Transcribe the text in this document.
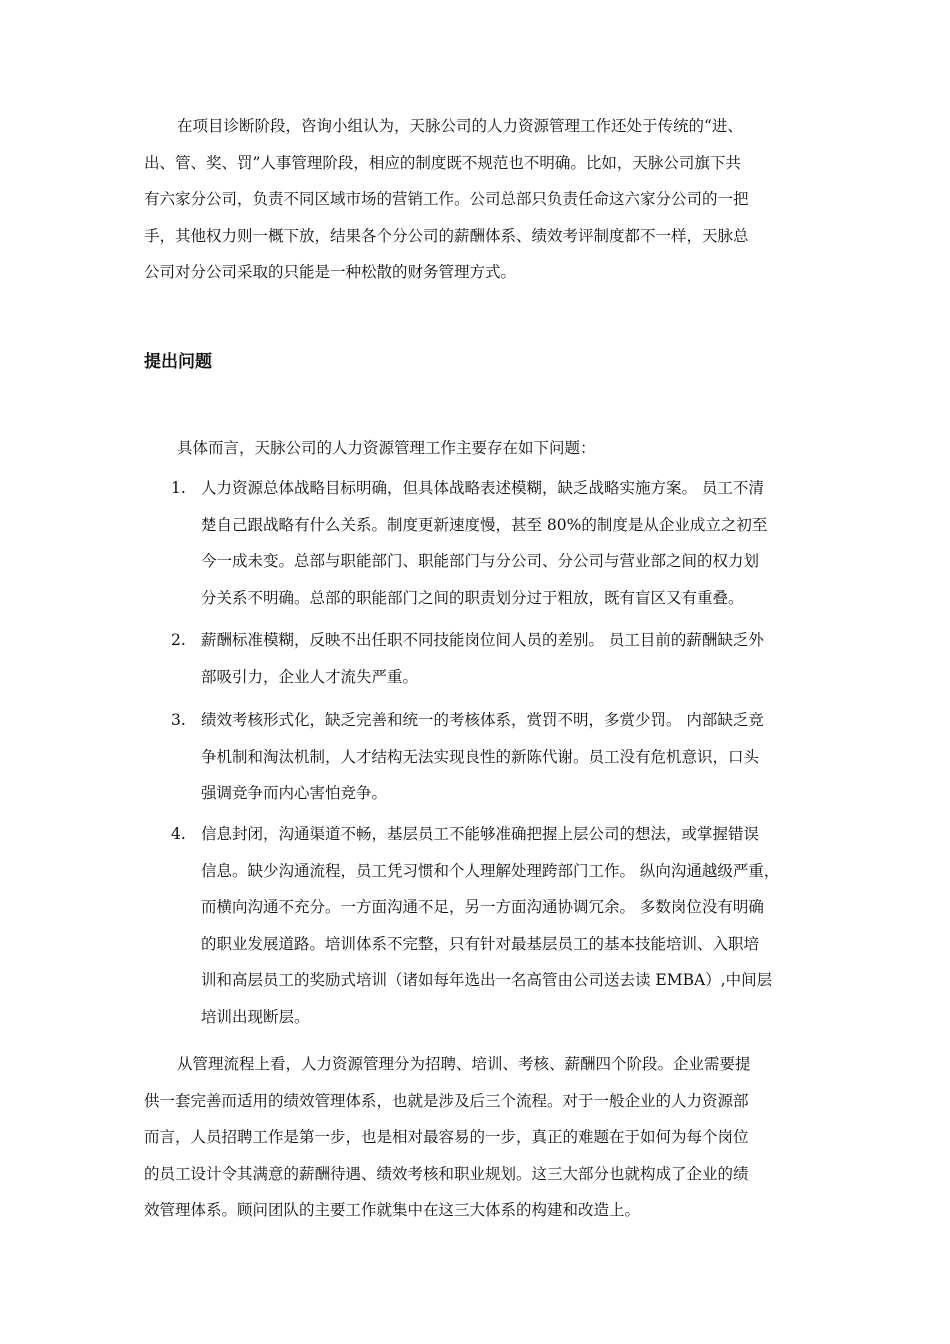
在项目诊断阶段，咨询小组认为，天脉公司的人力资源管理工作还处于传统的“进、
出、管、奖、罚”人事管理阶段，相应的制度既不规范也不明确。比如，天脉公司旗下共
有六家分公司，负责不同区域市场的营销工作。公司总部只负责任命这六家分公司的一把
手，其他权力则一概下放，结果各个分公司的薪酬体系、绩效考评制度都不一样，天脉总
公司对分公司采取的只能是一种松散的财务管理方式。
提出问题
具体而言，天脉公司的人力资源管理工作主要存在如下问题：
1. 人力资源总体战略目标明确，但具体战略表述模糊，缺乏战略实施方案。 员工不清
楚自己跟战略有什么关系。制度更新速度慢，甚至 80%的制度是从企业成立之初至
今一成未变。总部与职能部门、职能部门与分公司、分公司与营业部之间的权力划
分关系不明确。总部的职能部门之间的职责划分过于粗放，既有盲区又有重叠。
2. 薪酬标准模糊，反映不出任职不同技能岗位间人员的差别。 员工目前的薪酬缺乏外
部吸引力，企业人才流失严重。
3. 绩效考核形式化，缺乏完善和统一的考核体系，赏罚不明，多赏少罚。 内部缺乏竞
争机制和淘汰机制，人才结构无法实现良性的新陈代谢。员工没有危机意识，口头
强调竞争而内心害怕竞争。
4. 信息封闭，沟通渠道不畅，基层员工不能够准确把握上层公司的想法，或掌握错误
信息。缺少沟通流程，员工凭习惯和个人理解处理跨部门工作。 纵向沟通越级严重，
而横向沟通不充分。一方面沟通不足，另一方面沟通协调冗余。 多数岗位没有明确
的职业发展道路。培训体系不完整，只有针对最基层员工的基本技能培训、入职培
训和高层员工的奖励式培训（诸如每年选出一名高管由公司送去读 EMBA）,中间层
培训出现断层。
从管理流程上看，人力资源管理分为招聘、培训、考核、薪酬四个阶段。企业需要提
供一套完善而适用的绩效管理体系，也就是涉及后三个流程。对于一般企业的人力资源部
而言，人员招聘工作是第一步，也是相对最容易的一步，真正的难题在于如何为每个岗位
的员工设计令其满意的薪酬待遇、绩效考核和职业规划。这三大部分也就构成了企业的绩
效管理体系。顾问团队的主要工作就集中在这三大体系的构建和改造上。
